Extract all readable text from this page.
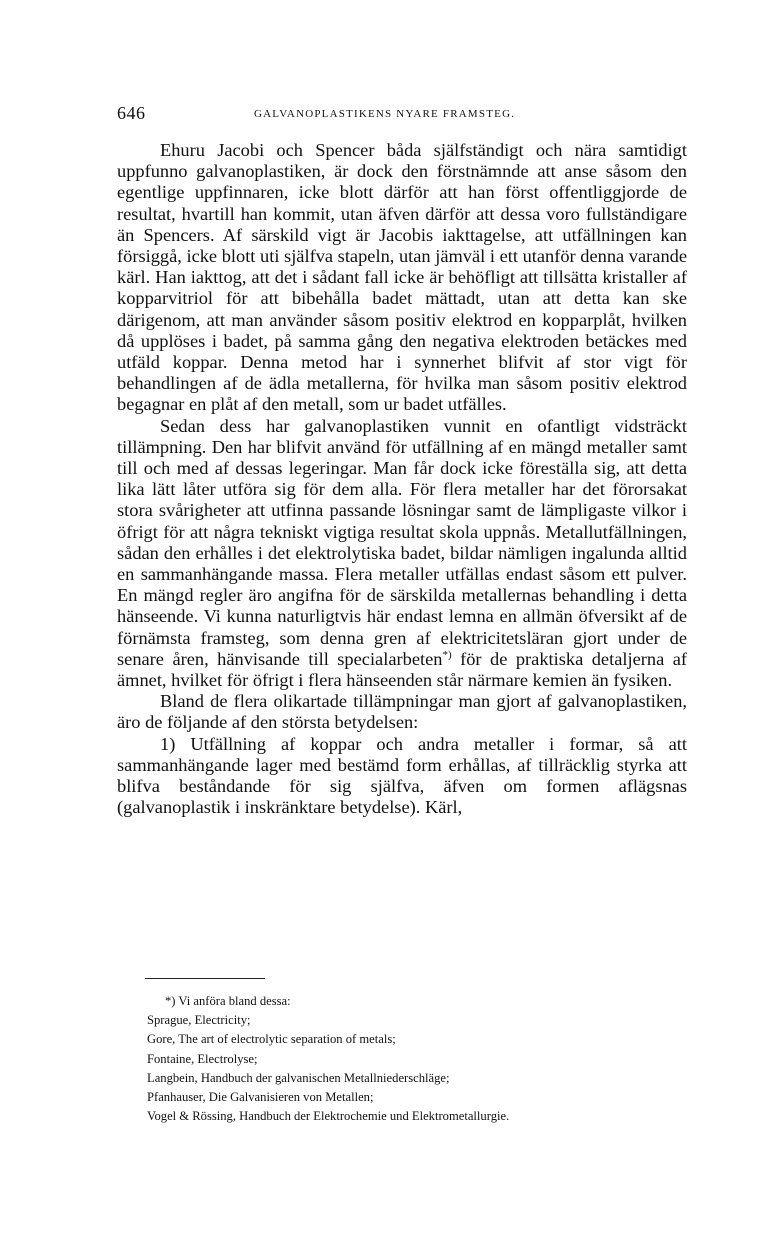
646	GALVANOPLASTIKENS NYARE FRAMSTEG.

Ehuru Jacobi och Spencer båda själfständigt och nära samtidigt uppfunno galvanoplastiken, är dock den förstnämnde att anse såsom den egentlige uppfinnaren, icke blott därför att han först offentliggjorde de resultat, hvartill han kommit, utan äfven därför att dessa voro fullständigare än Spencers. Af särskild vigt är Jacobis iakttagelse, att utfällningen kan försiggå, icke blott uti själfva stapeln, utan jämväl i ett utanför denna varande kärl. Han iakttog, att det i sådant fall icke är behöfligt att tillsätta kristaller af kopparvitriol för att bibehålla badet mättadt, utan att detta kan ske därigenom, att man använder såsom positiv elektrod en kopparplåt, hvilken då upplöses i badet, på samma gång den negativa elektroden betäckes med utfäld koppar. Denna metod har i synnerhet blifvit af stor vigt för behandlingen af de ädla metallerna, för hvilka man såsom positiv elektrod begagnar en plåt af den metall, som ur badet utfälles.

Sedan dess har galvanoplastiken vunnit en ofantligt vidsträckt tillämpning. Den har blifvit använd för utfällning af en mängd metaller samt till och med af dessas legeringar. Man får dock icke föreställa sig, att detta lika lätt låter utföra sig för dem alla. För flera metaller har det förorsakat stora svårigheter att utfinna passande lösningar samt de lämpligaste vilkor i öfrigt för att några tekniskt vigtiga resultat skola uppnås. Metallutfällningen, sådan den erhålles i det elektrolytiska badet, bildar nämligen ingalunda alltid en sammanhängande massa. Flera metaller utfällas endast såsom ett pulver. En mängd regler äro angifna för de särskilda metallernas behandling i detta hänseende. Vi kunna naturligtvis här endast lemna en allmän öfversikt af de förnämsta framsteg, som denna gren af elektricitetsläran gjort under de senare åren, hänvisande till specialarbeten*) för de praktiska detaljerna af ämnet, hvilket för öfrigt i flera hänseenden står närmare kemien än fysiken.

Bland de flera olikartade tillämpningar man gjort af galvanoplastiken, äro de följande af den största betydelsen:

1) Utfällning af koppar och andra metaller i formar, så att sammanhängande lager med bestämd form erhållas, af tillräcklig styrka att blifva beståndande för sig själfva, äfven om formen aflägsnas (galvanoplastik i inskränktare betydelse). Kärl,

*) Vi anföra bland dessa:

Sprague, Electricity;

Gore, The art of electrolytic separation of metals;

Fontaine, Electrolyse;

Langbein, Handbuch der galvanischen Metallniederschläge;

Pfanhauser, Die Galvanisieren von Metallen;

Vogel & Rössing, Handbuch der Elektrochemie und Elektrometallurgie.
